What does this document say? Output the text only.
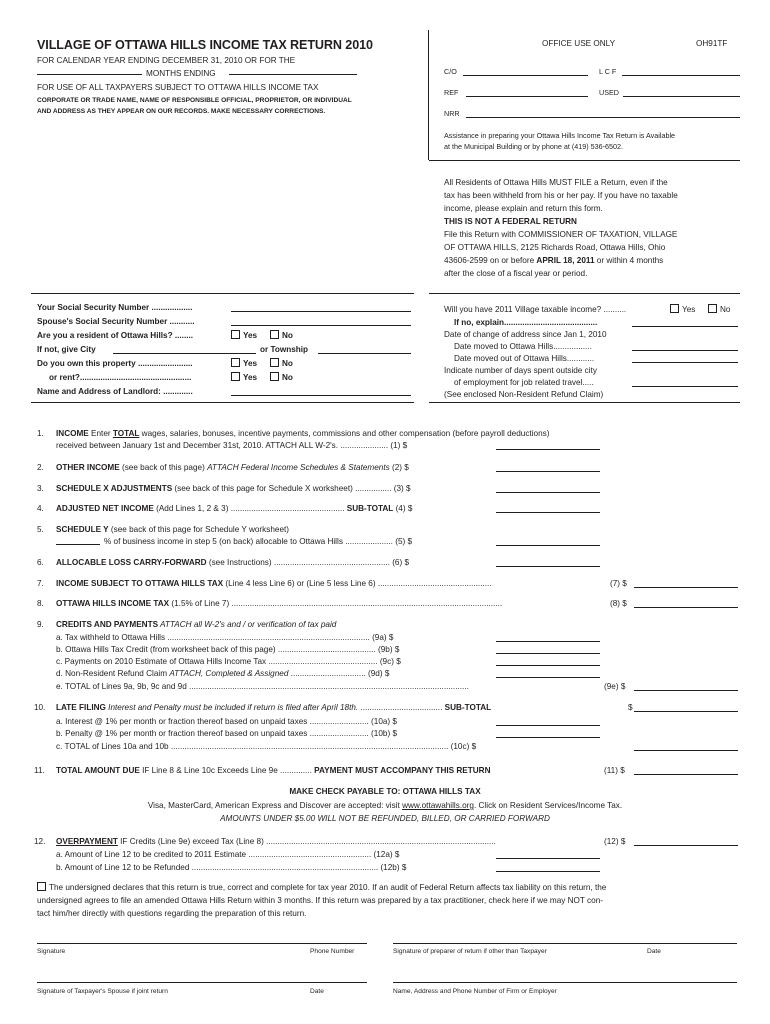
VILLAGE OF OTTAWA HILLS INCOME TAX RETURN 2010
FOR CALENDAR YEAR ENDING DECEMBER 31, 2010 OR FOR THE
MONTHS ENDING
FOR USE OF ALL TAXPAYERS SUBJECT TO OTTAWA HILLS INCOME TAX
CORPORATE OR TRADE NAME, NAME OF RESPONSIBLE OFFICIAL, PROPRIETOR, OR INDIVIDUAL
AND ADDRESS AS THEY APPEAR ON OUR RECORDS. MAKE NECESSARY CORRECTIONS.
OFFICE USE ONLY	OH91TF
C/O	L C F
REF	USED
NRR
Assistance in preparing your Ottawa Hills Income Tax Return is Available
at the Municipal Building or by phone at (419) 536-6502.
All Residents of Ottawa Hills MUST FILE a Return, even if the
tax has been withheld from his or her pay. If you have no taxable
income, please explain and return this form.
THIS IS NOT A FEDERAL RETURN
File this Return with COMMISSIONER OF TAXATION, VILLAGE
OF OTTAWA HILLS, 2125 Richards Road, Ottawa Hills, Ohio
43606-2599 on or before APRIL 18, 2011 or within 4 months
after the close of a fiscal year or period.
Your Social Security Number ..................
Spouse's Social Security Number ...........
Are you a resident of Ottawa Hills? ........	Yes	No
If not, give City	or Township
Do you own this property ........................	Yes	No
or rent?.................................................	Yes	No
Name and Address of Landlord: .............
Will you have 2011 Village taxable income? ..........	Yes	No
If no, explain.........................................
Date of change of address since Jan 1, 2010
Date moved to Ottawa Hills.................
Date moved out of Ottawa Hills............
Indicate number of days spent outside city
of employment for job related travel.....
(See enclosed Non-Resident Refund Claim)
1. INCOME Enter TOTAL wages, salaries, bonuses, incentive payments, commissions and other compensation (before payroll deductions)
received between January 1st and December 31st, 2010. ATTACH ALL W-2's. ..................... (1) $
2. OTHER INCOME (see back of this page) ATTACH Federal Income Schedules & Statements (2) $
3. SCHEDULE X ADJUSTMENTS (see back of this page for Schedule X worksheet) ................ (3) $
4. ADJUSTED NET INCOME (Add Lines 1, 2 & 3) .................................................. SUB-TOTAL (4) $
5. SCHEDULE Y (see back of this page for Schedule Y worksheet)
% of business income in step 5 (on back) allocable to Ottawa Hills ..................... (5) $
6. ALLOCABLE LOSS CARRY-FORWARD (see Instructions) ................................................... (6) $
7. INCOME SUBJECT TO OTTAWA HILLS TAX (Line 4 less Line 6) or (Line 5 less Line 6) ..................................................	(7) $
8. OTTAWA HILLS INCOME TAX (1.5% of Line 7) .......................................................................................................................	(8) $
9. CREDITS AND PAYMENTS ATTACH all W-2's and / or verification of tax paid
a. Tax withheld to Ottawa Hills ......................................................................................... (9a) $
b. Ottawa Hills Tax Credit (from worksheet back of this page) ........................................... (9b) $
c. Payments on 2010 Estimate of Ottawa Hills Income Tax ................................................ (9c) $
d. Non-Resident Refund Claim ATTACH, Completed & Assigned ................................. (9d) $
e. TOTAL of Lines 9a, 9b, 9c and 9d ...........................................................................................................................	(9e) $
10. LATE FILING Interest and Penalty must be included if return is filed after April 18th. .................................... SUB-TOTAL	$
a. Interest @ 1% per month or fraction thereof based on unpaid taxes .......................... (10a) $
b. Penalty @ 1% per month or fraction thereof based on unpaid taxes .......................... (10b) $
c. TOTAL of Lines 10a and 10b .......................................................................................................................... (10c) $
11. TOTAL AMOUNT DUE IF Line 8 & Line 10c Exceeds Line 9e .............. PAYMENT MUST ACCOMPANY THIS RETURN	(11) $
MAKE CHECK PAYABLE TO: OTTAWA HILLS TAX
Visa, MasterCard, American Express and Discover are accepted: visit www.ottawahills.org. Click on Resident Services/Income Tax.
AMOUNTS UNDER $5.00 WILL NOT BE REFUNDED, BILLED, OR CARRIED FORWARD
12. OVERPAYMENT IF Credits (Line 9e) exceed Tax (Line 8) .....................................................................................................	(12) $
a. Amount of Line 12 to be credited to 2011 Estimate ...................................................... (12a) $
b. Amount of Line 12 to be Refunded .................................................................................. (12b) $
The undersigned declares that this return is true, correct and complete for tax year 2010. If an audit of Federal Return affects tax liability on this return, the
undersigned agrees to file an amended Ottawa Hills Return within 3 months. If this return was prepared by a tax practitioner, check here if we may NOT con-
tact him/her directly with questions regarding the preparation of this return.
Signature	Phone Number	Signature of preparer of return if other than Taxpayer	Date
Signature of Taxpayer's Spouse if joint return	Date	Name, Address and Phone Number of Firm or Employer
